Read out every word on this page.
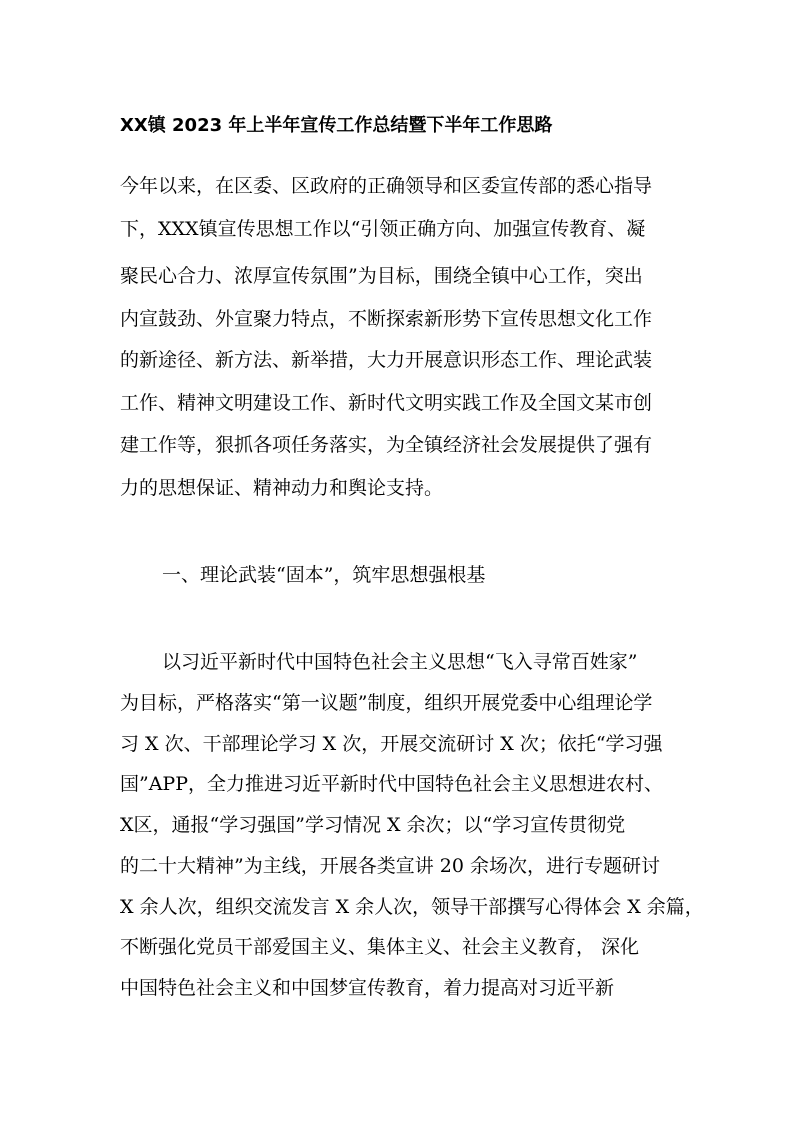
XX镇 2023 年上半年宣传工作总结暨下半年工作思路
今年以来，在区委、区政府的正确领导和区委宣传部的悉心指导
下，XXX镇宣传思想工作以“引领正确方向、加强宣传教育、凝
聚民心合力、浓厚宣传氛围”为目标，围绕全镇中心工作，突出
内宣鼓劲、外宣聚力特点，不断探索新形势下宣传思想文化工作
的新途径、新方法、新举措，大力开展意识形态工作、理论武装
工作、精神文明建设工作、新时代文明实践工作及全国文某市创
建工作等，狠抓各项任务落实，为全镇经济社会发展提供了强有
力的思想保证、精神动力和舆论支持。
一、理论武装“固本”，筑牢思想强根基
以习近平新时代中国特色社会主义思想“飞入寻常百姓家”
为目标，严格落实“第一议题”制度，组织开展党委中心组理论学
习 X 次、干部理论学习 X 次，开展交流研讨 X 次；依托“学习强
国”APP，全力推进习近平新时代中国特色社会主义思想进农村、
X区，通报“学习强国”学习情况 X 余次；以“学习宣传贯彻党
的二十大精神”为主线，开展各类宣讲 20 余场次，进行专题研讨
X 余人次，组织交流发言 X 余人次，领导干部撰写心得体会 X 余篇，
不断强化党员干部爱国主义、集体主义、社会主义教育， 深化
中国特色社会主义和中国梦宣传教育，着力提高对习近平新
